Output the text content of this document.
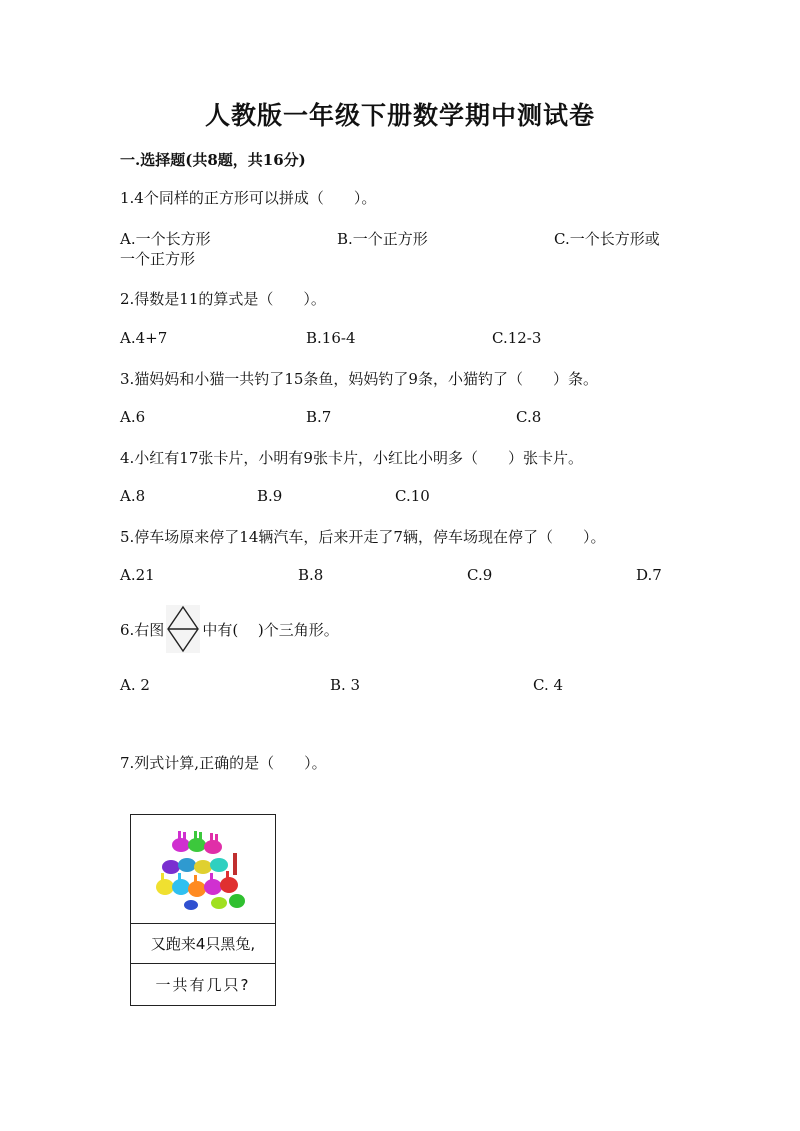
人教版一年级下册数学期中测试卷
一.选择题(共8题，共16分)
1.4个同样的正方形可以拼成（　　）。
A.一个长方形	B.一个正方形	C.一个长方形或
一个正方形
2.得数是11的算式是（　　）。
A.4+7	B.16-4	C.12-3
3.猫妈妈和小猫一共钓了15条鱼，妈妈钓了9条，小猫钓了（　　）条。
A.6	B.7	C.8
4.小红有17张卡片，小明有9张卡片，小红比小明多（　　）张卡片。
A.8	B.9	C.10
5.停车场原来停了14辆汽车，后来开走了7辆，停车场现在停了（　　）。
A.21	B.8	C.9	D.7
6.右图	中有(　 )个三角形。
A. 2	B. 3	C. 4
7.列式计算,正确的是（　　）。
又跑来4只黑兔,
一共有几只?
